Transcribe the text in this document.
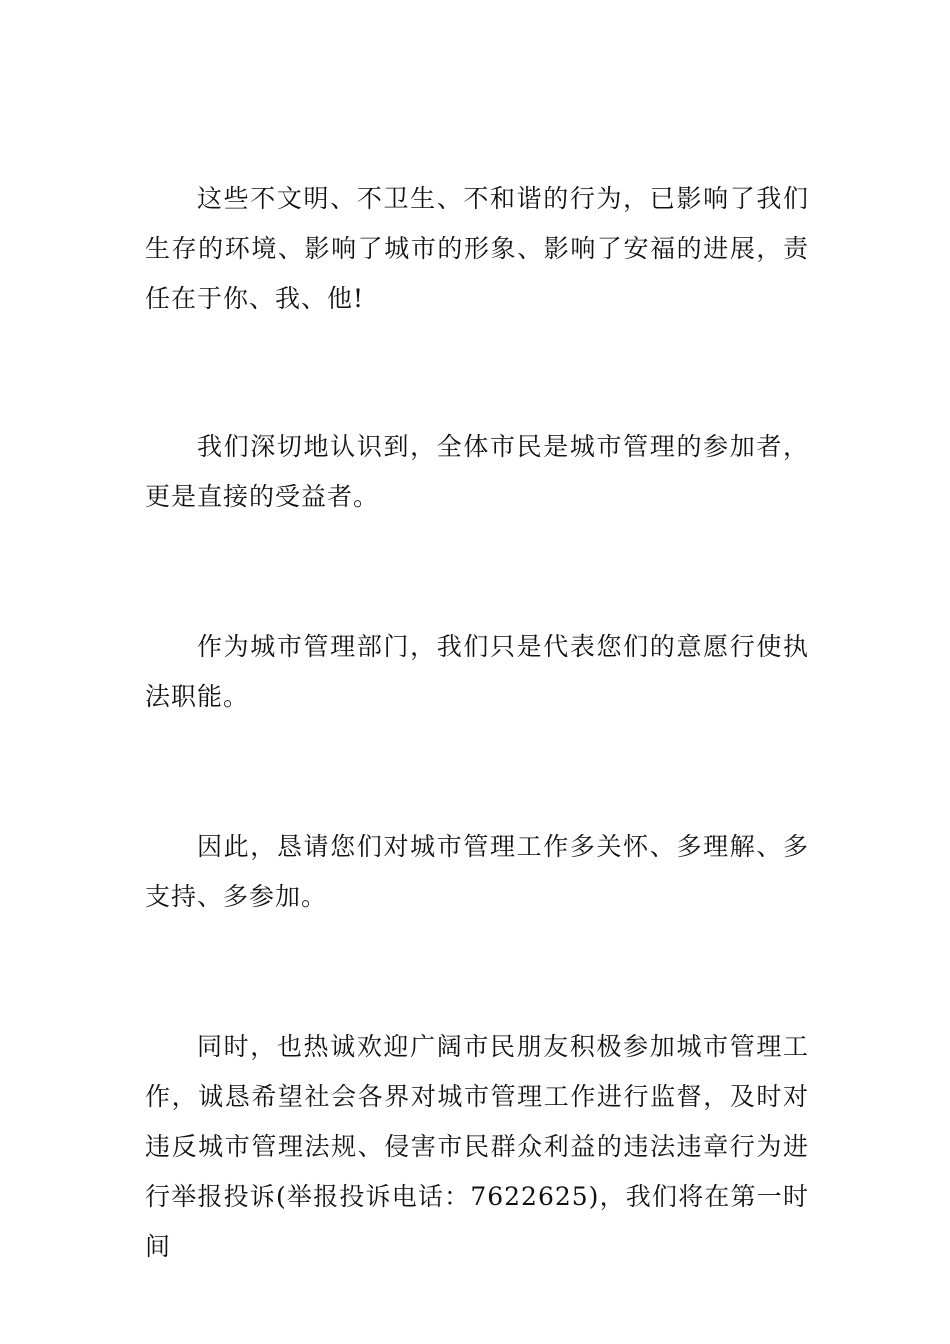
这些不文明、不卫生、不和谐的行为，已影响了我们生存的环境、影响了城市的形象、影响了安福的进展，责任在于你、我、他!

我们深切地认识到，全体市民是城市管理的参加者，更是直接的受益者。

作为城市管理部门，我们只是代表您们的意愿行使执法职能。

因此，恳请您们对城市管理工作多关怀、多理解、多支持、多参加。

同时，也热诚欢迎广阔市民朋友积极参加城市管理工作，诚恳希望社会各界对城市管理工作进行监督，及时对违反城市管理法规、侵害市民群众利益的违法违章行为进行举报投诉(举报投诉电话：7622625)，我们将在第一时间
